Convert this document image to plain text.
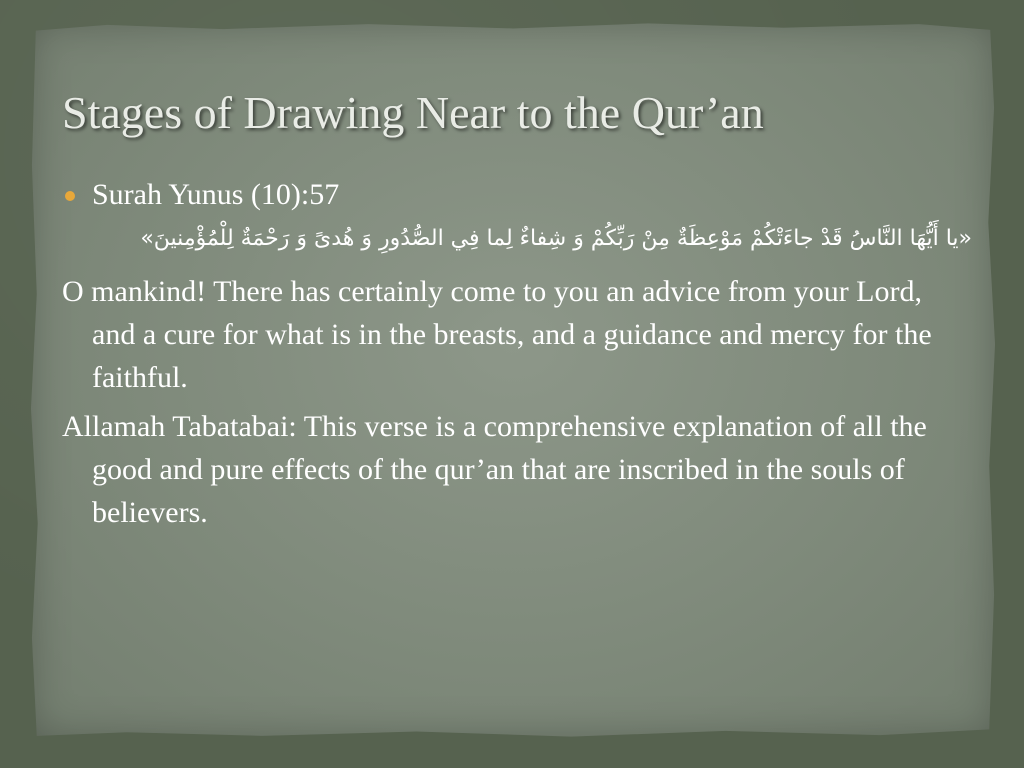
Stages of Drawing Near to the Qur’an
Surah Yunus (10):57
«يا أَيُّهَا النَّاسُ قَدْ جاءَتْكُمْ مَوْعِظَةٌ مِنْ رَبِّكُمْ وَ شِفاءٌ لِما فِي الصُّدُورِ وَ هُدىً وَ رَحْمَةٌ لِلْمُؤْمِنينَ»

O mankind! There has certainly come to you an advice from your Lord, and a cure for what is in the breasts, and a guidance and mercy for the faithful.

Allamah Tabatabai: This verse is a comprehensive explanation of all the good and pure effects of the qur’an that are inscribed in the souls of believers.
